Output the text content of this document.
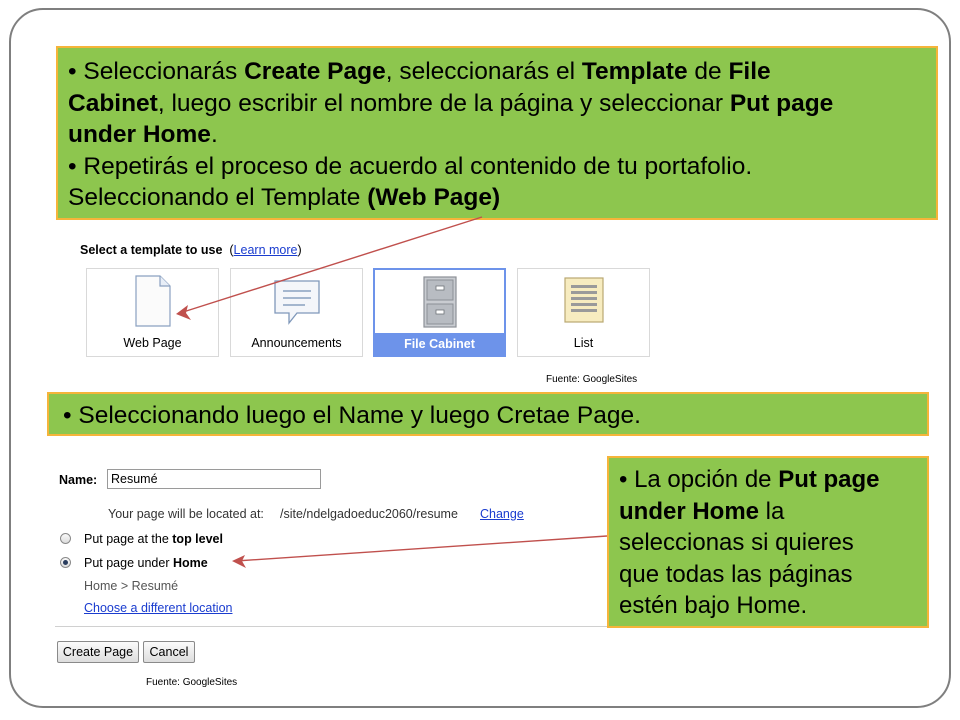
• Seleccionarás Create Page, seleccionarás el Template de File
Cabinet, luego escribir el nombre de la página y seleccionar Put page
under Home.
• Repetirás el proceso de acuerdo al contenido de tu portafolio.
Seleccionando el Template (Web Page)
Select a template to use (Learn more)
Web Page	Announcements	File Cabinet	List
Fuente: GoogleSites
• Seleccionando luego el Name y luego Cretae Page.
Name:
Resumé
Your page will be located at: /site/ndelgadoeduc2060/resume Change
Put page at the top level
Put page under Home
Home > Resumé
Choose a different location
Create Page	Cancel
Fuente: GoogleSites
• La opción de Put page
under Home la
seleccionas si quieres
que todas las páginas
estén bajo Home.
